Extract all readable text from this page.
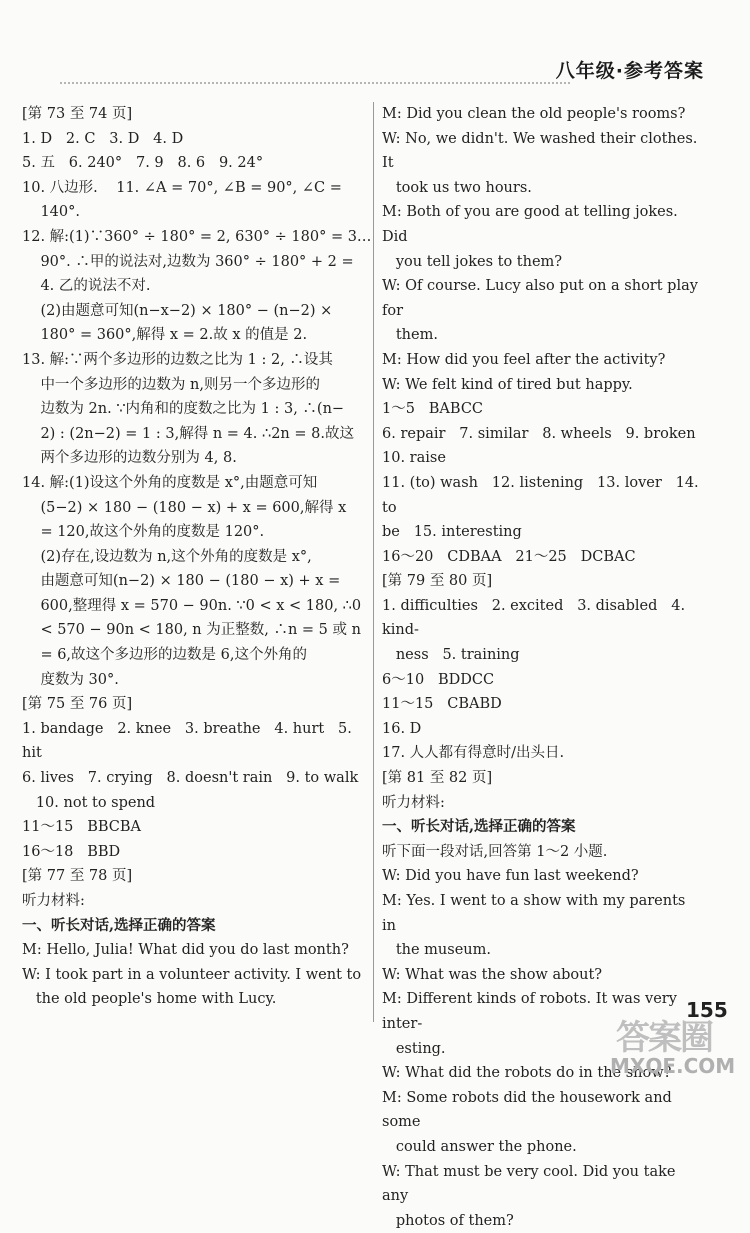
八年级·参考答案
[第 73 至 74 页]
1. D   2. C   3. D   4. D
5. 五   6. 240°   7. 9   8. 6   9. 24°
10. 八边形.    11. ∠A = 70°, ∠B = 90°, ∠C =
140°.
12. 解:(1)∵360° ÷ 180° = 2, 630° ÷ 180° = 3…
90°. ∴甲的说法对,边数为 360° ÷ 180° + 2 =
4. 乙的说法不对.
(2)由题意可知(n−x−2) × 180° − (n−2) ×
180° = 360°,解得 x = 2.故 x 的值是 2.
13. 解:∵两个多边形的边数之比为 1 : 2, ∴设其
中一个多边形的边数为 n,则另一个多边形的
边数为 2n. ∵内角和的度数之比为 1 : 3, ∴(n−
2) : (2n−2) = 1 : 3,解得 n = 4. ∴2n = 8.故这
两个多边形的边数分别为 4, 8.
14. 解:(1)设这个外角的度数是 x°,由题意可知
(5−2) × 180 − (180 − x) + x = 600,解得 x
= 120,故这个外角的度数是 120°.
(2)存在,设边数为 n,这个外角的度数是 x°,
由题意可知(n−2) × 180 − (180 − x) + x =
600,整理得 x = 570 − 90n. ∵0 < x < 180, ∴0
< 570 − 90n < 180, n 为正整数, ∴n = 5 或 n
= 6,故这个多边形的边数是 6,这个外角的
度数为 30°.
[第 75 至 76 页]
1. bandage   2. knee   3. breathe   4. hurt   5.
hit
6. lives   7. crying   8. doesn't rain   9. to walk
10. not to spend
11～15   BBCBA
16～18   BBD
[第 77 至 78 页]
听力材料:
一、听长对话,选择正确的答案
M: Hello, Julia! What did you do last month?
W: I took part in a volunteer activity. I went to
the old people's home with Lucy.
M: Did you clean the old people's rooms?
W: No, we didn't. We washed their clothes. It
took us two hours.
M: Both of you are good at telling jokes. Did
you tell jokes to them?
W: Of course. Lucy also put on a short play for
them.
M: How did you feel after the activity?
W: We felt kind of tired but happy.
1～5   BABCC
6. repair   7. similar   8. wheels   9. broken
10. raise
11. (to) wash   12. listening   13. lover   14. to
be   15. interesting
16～20   CDBAA   21～25   DCBAC
[第 79 至 80 页]
1. difficulties   2. excited   3. disabled   4. kind-
ness   5. training
6～10   BDDCC
11～15   CBABD
16. D
17. 人人都有得意时/出头日.
[第 81 至 82 页]
听力材料:
一、听长对话,选择正确的答案
听下面一段对话,回答第 1～2 小题.
W: Did you have fun last weekend?
M: Yes. I went to a show with my parents in
the museum.
W: What was the show about?
M: Different kinds of robots. It was very inter-
esting.
W: What did the robots do in the show?
M: Some robots did the housework and some
could answer the phone.
W: That must be very cool. Did you take any
photos of them?
答案圈
MXQE.COM
155
